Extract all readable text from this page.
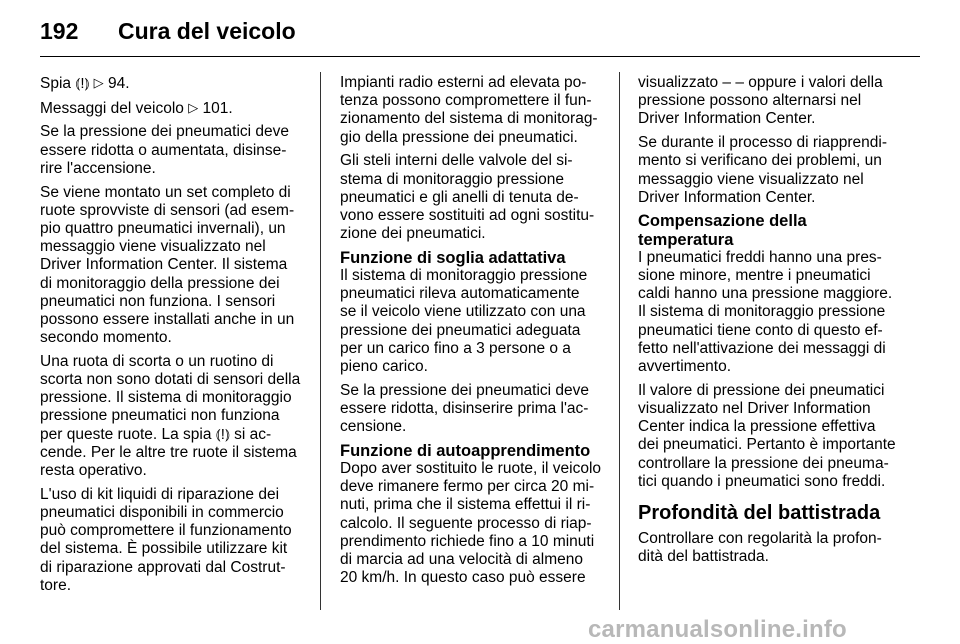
192 Cura del veicolo

Spia ⦅!⦆ ▷ 94.

Messaggi del veicolo ▷ 101.

Se la pressione dei pneumatici deve
essere ridotta o aumentata, disinse-
rire l'accensione.

Se viene montato un set completo di
ruote sprovviste di sensori (ad esem-
pio quattro pneumatici invernali), un
messaggio viene visualizzato nel
Driver Information Center. Il sistema
di monitoraggio della pressione dei
pneumatici non funziona. I sensori
possono essere installati anche in un
secondo momento.

Una ruota di scorta o un ruotino di
scorta non sono dotati di sensori della
pressione. Il sistema di monitoraggio
pressione pneumatici non funziona
per queste ruote. La spia ⦅!⦆ si ac-
cende. Per le altre tre ruote il sistema
resta operativo.

L'uso di kit liquidi di riparazione dei
pneumatici disponibili in commercio
può compromettere il funzionamento
del sistema. È possibile utilizzare kit
di riparazione approvati dal Costrut-
tore.

Impianti radio esterni ad elevata po-
tenza possono compromettere il fun-
zionamento del sistema di monitorag-
gio della pressione dei pneumatici.

Gli steli interni delle valvole del si-
stema di monitoraggio pressione
pneumatici e gli anelli di tenuta de-
vono essere sostituiti ad ogni sostitu-
zione dei pneumatici.

Funzione di soglia adattativa

Il sistema di monitoraggio pressione
pneumatici rileva automaticamente
se il veicolo viene utilizzato con una
pressione dei pneumatici adeguata
per un carico fino a 3 persone o a
pieno carico.

Se la pressione dei pneumatici deve
essere ridotta, disinserire prima l'ac-
censione.

Funzione di autoapprendimento

Dopo aver sostituito le ruote, il veicolo
deve rimanere fermo per circa 20 mi-
nuti, prima che il sistema effettui il ri-
calcolo. Il seguente processo di riap-
prendimento richiede fino a 10 minuti
di marcia ad una velocità di almeno
20 km/h. In questo caso può essere

visualizzato – – oppure i valori della
pressione possono alternarsi nel
Driver Information Center.

Se durante il processo di riapprendi-
mento si verificano dei problemi, un
messaggio viene visualizzato nel
Driver Information Center.

Compensazione della
temperatura

I pneumatici freddi hanno una pres-
sione minore, mentre i pneumatici
caldi hanno una pressione maggiore.
Il sistema di monitoraggio pressione
pneumatici tiene conto di questo ef-
fetto nell'attivazione dei messaggi di
avvertimento.

Il valore di pressione dei pneumatici
visualizzato nel Driver Information
Center indica la pressione effettiva
dei pneumatici. Pertanto è importante
controllare la pressione dei pneuma-
tici quando i pneumatici sono freddi.

Profondità del battistrada

Controllare con regolarità la profon-
dità del battistrada.

carmanualsonline.info
